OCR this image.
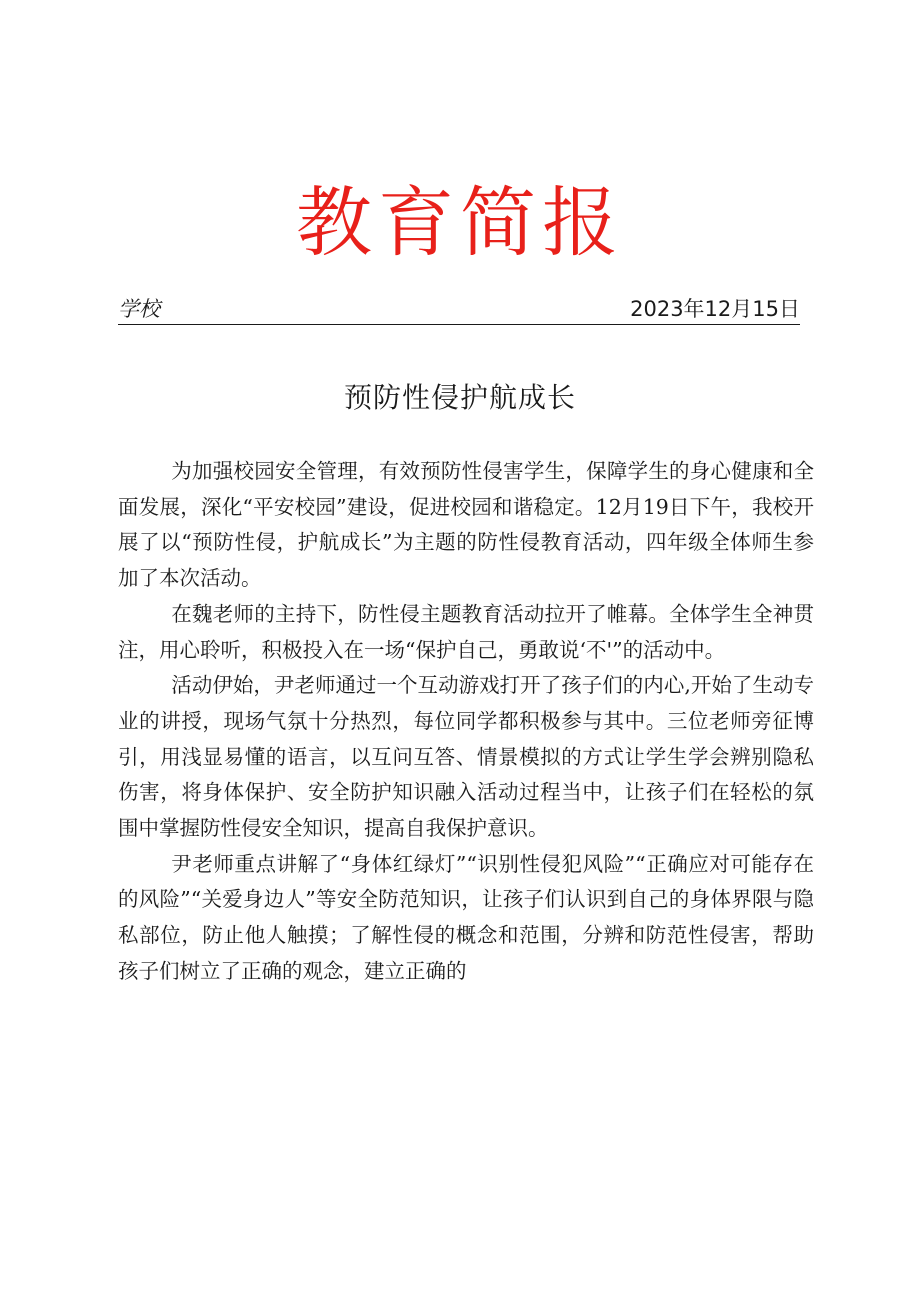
教育简报
学校	2023年12月15日
预防性侵护航成长

为加强校园安全管理，有效预防性侵害学生，保障学生的身心健康和全面发展，深化“平安校园”建设，促进校园和谐稳定。12月19日下午，我校开展了以“预防性侵，护航成长”为主题的防性侵教育活动，四年级全体师生参加了本次活动。

在魏老师的主持下，防性侵主题教育活动拉开了帷幕。全体学生全神贯注，用心聆听，积极投入在一场“保护自己，勇敢说‘不'”的活动中。

活动伊始，尹老师通过一个互动游戏打开了孩子们的内心,开始了生动专业的讲授，现场气氛十分热烈，每位同学都积极参与其中。三位老师旁征博引，用浅显易懂的语言，以互问互答、情景模拟的方式让学生学会辨别隐私伤害，将身体保护、安全防护知识融入活动过程当中，让孩子们在轻松的氛围中掌握防性侵安全知识，提高自我保护意识。

尹老师重点讲解了“身体红绿灯”“识别性侵犯风险”“正确应对可能存在的风险”“关爱身边人”等安全防范知识，让孩子们认识到自己的身体界限与隐私部位，防止他人触摸；了解性侵的概念和范围，分辨和防范性侵害，帮助孩子们树立了正确的观念，建立正确的
